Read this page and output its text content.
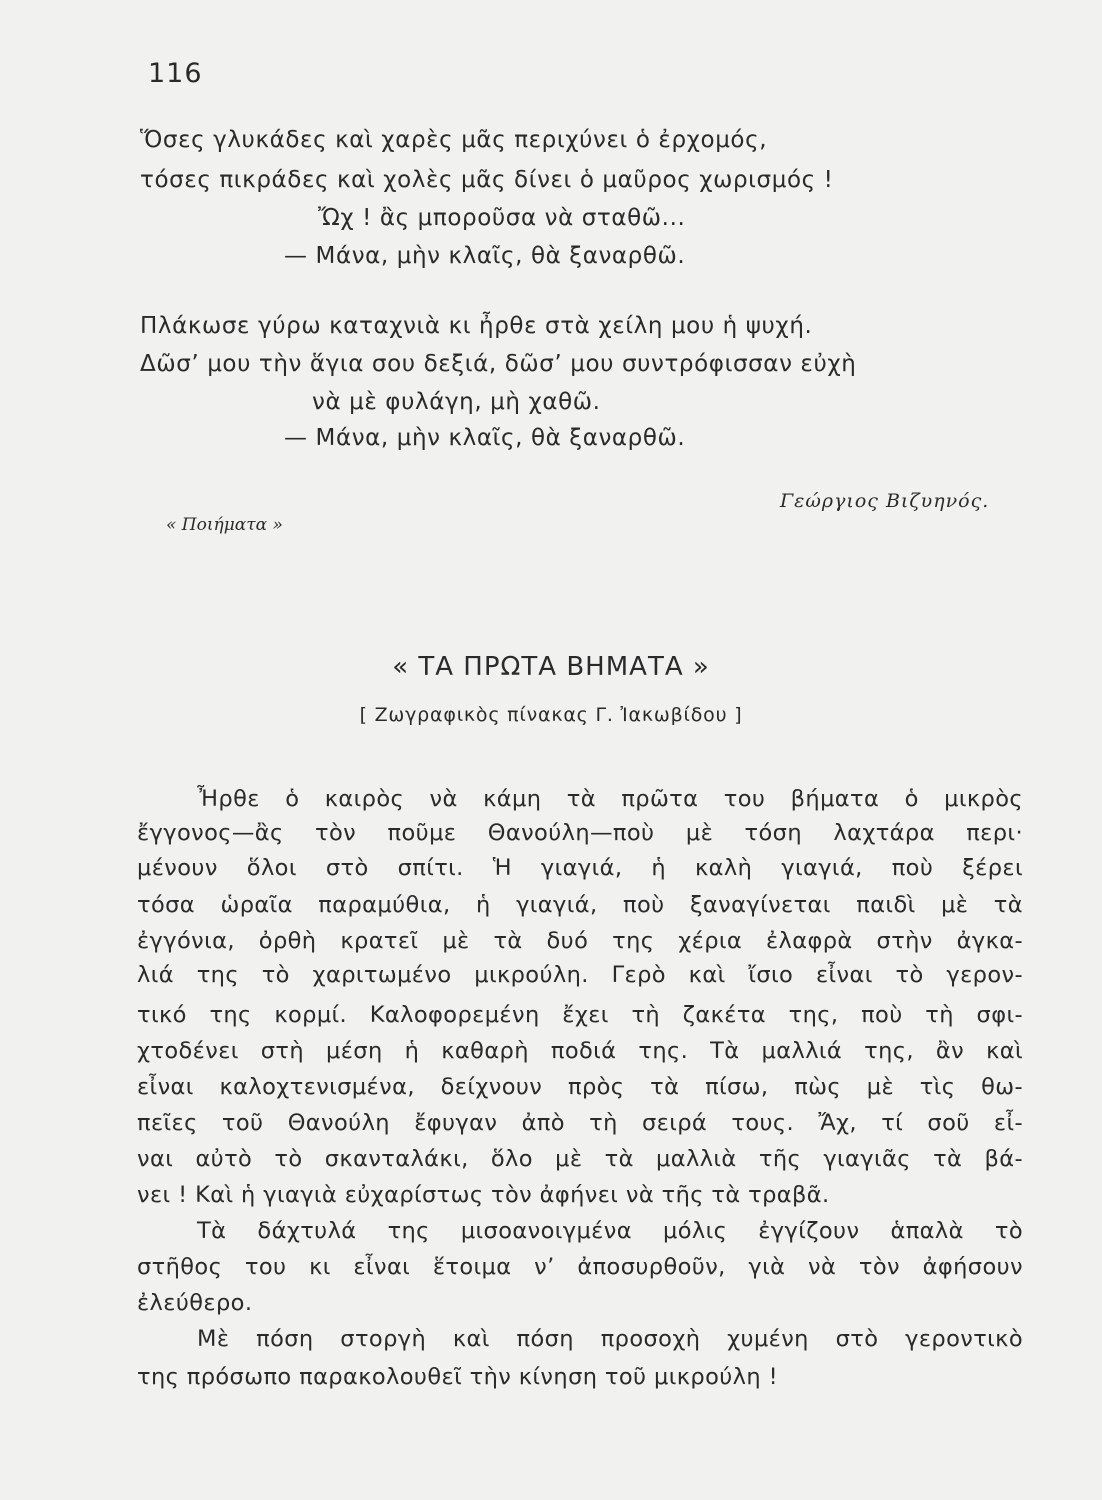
116
Ὅσες γλυκάδες καὶ χαρὲς μᾶς περιχύνει ὁ ἐρχομός,
τόσες πικράδες καὶ χολὲς μᾶς δίνει ὁ μαῦρος χωρισμός !
Ὤχ ! ἂς μποροῦσα νὰ σταθῶ...
— Μάνα, μὴν κλαῖς, θὰ ξαναρθῶ.
Πλάκωσε γύρω καταχνιὰ κι ἦρθε στὰ χείλη μου ἡ ψυχή.
Δῶσ’ μου τὴν ἅγια σου δεξιά, δῶσ’ μου συντρόφισσαν εὐχὴ
νὰ μὲ φυλάγη, μὴ χαθῶ.
— Μάνα, μὴν κλαῖς, θὰ ξαναρθῶ.
Γεώργιος Βιζυηνός.
« Ποιήματα »
« ΤΑ ΠΡΩΤΑ ΒΗΜΑΤΑ »
[ Ζωγραφικὸς πίνακας Γ. Ἰακωβίδου ]
Ἦρθε ὁ καιρὸς νὰ κάμη τὰ πρῶτα του βήματα ὁ μικρὸς
ἔγγονος—ἂς τὸν ποῦμε Θανούλη—ποὺ μὲ τόση λαχτάρα περι·
μένουν ὅλοι στὸ σπίτι. Ἡ γιαγιά, ἡ καλὴ γιαγιά, ποὺ ξέρει
τόσα ὡραῖα παραμύθια, ἡ γιαγιά, ποὺ ξαναγίνεται παιδὶ μὲ τὰ
ἐγγόνια, ὀρθὴ κρατεῖ μὲ τὰ δυό της χέρια ἐλαφρὰ στὴν ἀγκα-
λιά της τὸ χαριτωμένο μικρούλη. Γερὸ καὶ ἴσιο εἶναι τὸ γερον-
τικό της κορμί. Καλοφορεμένη ἔχει τὴ ζακέτα της, ποὺ τὴ σφι-
χτοδένει στὴ μέση ἡ καθαρὴ ποδιά της. Τὰ μαλλιά της, ἂν καὶ
εἶναι καλοχτενισμένα, δείχνουν πρὸς τὰ πίσω, πὼς μὲ τὶς θω-
πεῖες τοῦ Θανούλη ἔφυγαν ἀπὸ τὴ σειρά τους. Ἄχ, τί σοῦ εἶ-
ναι αὐτὸ τὸ σκανταλάκι, ὅλο μὲ τὰ μαλλιὰ τῆς γιαγιᾶς τὰ βά-
νει ! Καὶ ἡ γιαγιὰ εὐχαρίστως τὸν ἀφήνει νὰ τῆς τὰ τραβᾶ.
Τὰ δάχτυλά της μισοανοιγμένα μόλις ἐγγίζουν ἁπαλὰ τὸ
στῆθος του κι εἶναι ἕτοιμα ν’ ἀποσυρθοῦν, γιὰ νὰ τὸν ἀφήσουν
ἐλεύθερο.
Μὲ πόση στοργὴ καὶ πόση προσοχὴ χυμένη στὸ γεροντικὸ
της πρόσωπο παρακολουθεῖ τὴν κίνηση τοῦ μικρούλη !
